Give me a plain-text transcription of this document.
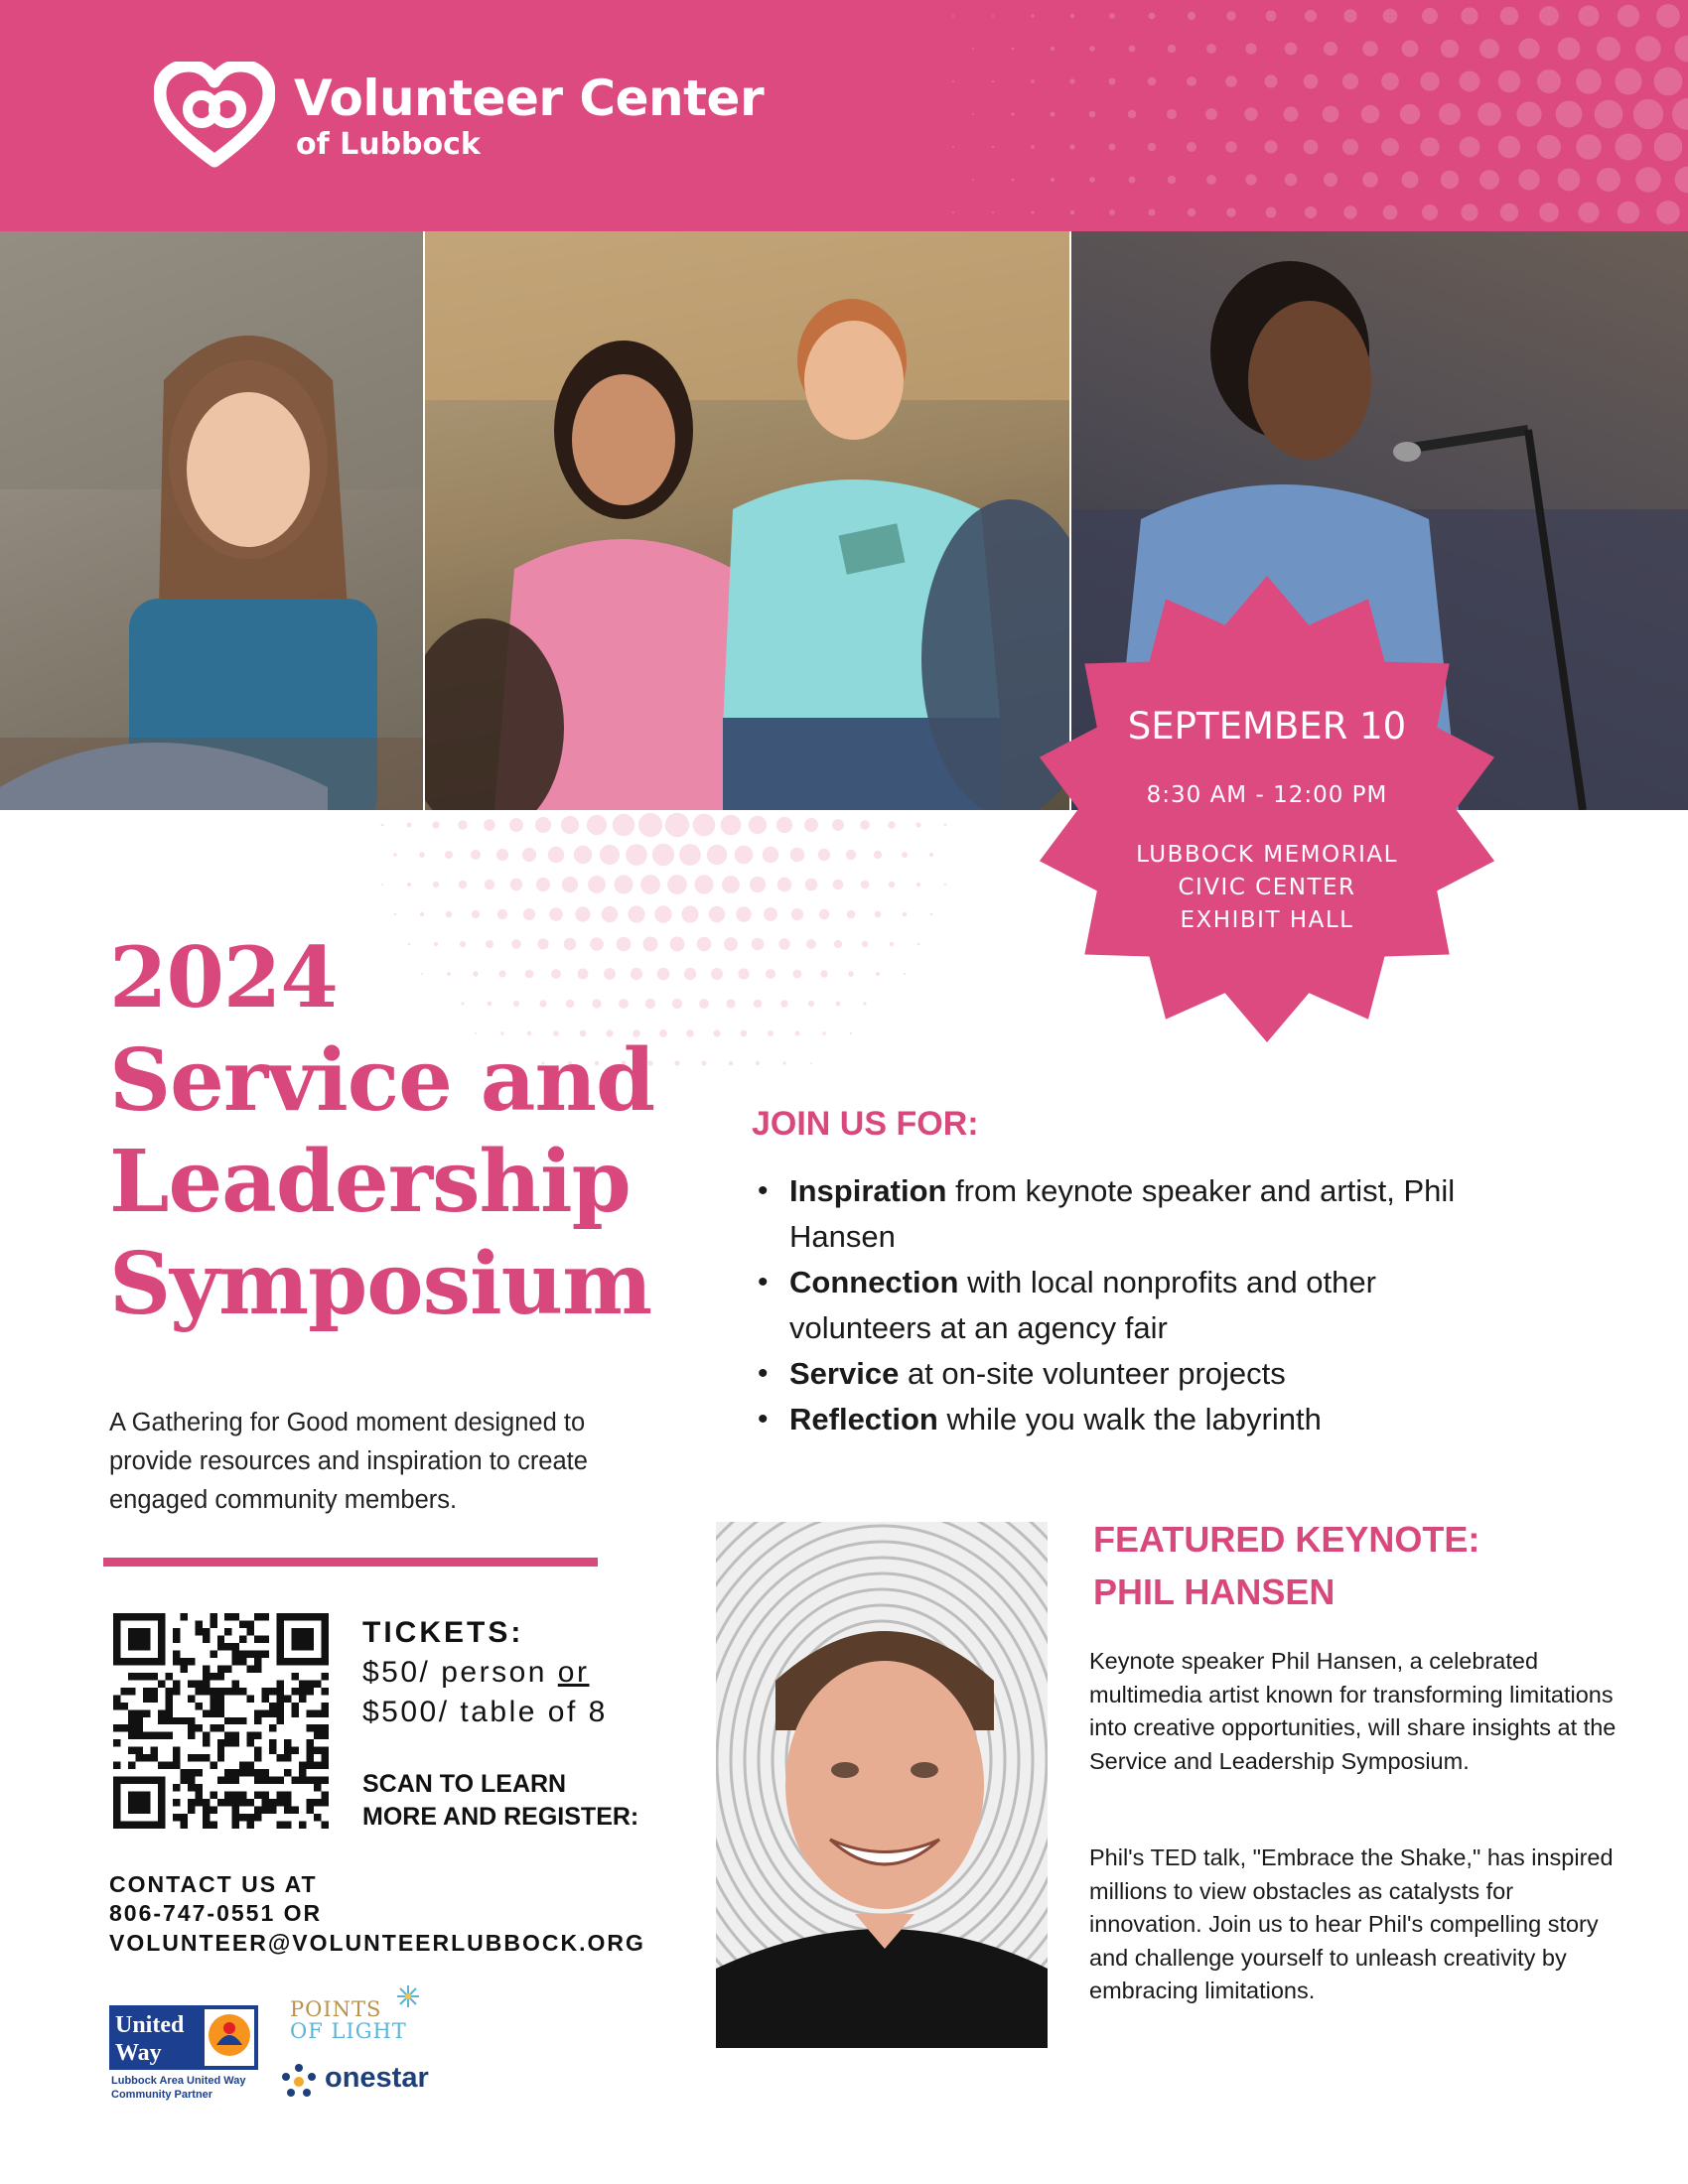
Volunteer Center
of Lubbock
SEPTEMBER 10
8:30 AM - 12:00 PM
LUBBOCK MEMORIAL
CIVIC CENTER
EXHIBIT HALL
2024
Service and
Leadership
Symposium

A Gathering for Good moment designed to provide resources and inspiration to create engaged community members.

JOIN US FOR:
• Inspiration from keynote speaker and artist, Phil Hansen
• Connection with local nonprofits and other volunteers at an agency fair
• Service at on-site volunteer projects
• Reflection while you walk the labyrinth
TICKETS:
$50/ person or
$500/ table of 8
SCAN TO LEARN
MORE AND REGISTER:
CONTACT US AT
806-747-0551 OR
VOLUNTEER@VOLUNTEERLUBBOCK.ORG
United
Way
Lubbock Area United Way
Community Partner
POINTS
OF LIGHT
onestar
FEATURED KEYNOTE:
PHIL HANSEN

Keynote speaker Phil Hansen, a celebrated multimedia artist known for transforming limitations into creative opportunities, will share insights at the Service and Leadership Symposium.

Phil's TED talk, "Embrace the Shake," has inspired millions to view obstacles as catalysts for innovation. Join us to hear Phil's compelling story and challenge yourself to unleash creativity by embracing limitations.
